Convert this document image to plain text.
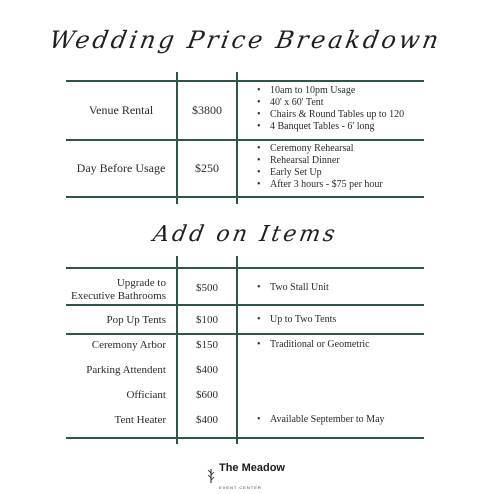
Wedding Price Breakdown
Venue Rental	$3800
• 10am to 10pm Usage
• 40' x 60' Tent
• Chairs & Round Tables up to 120
• 4 Banquet Tables - 6' long
Day Before Usage	$250
• Ceremony Rehearsal
• Rehearsal Dinner
• Early Set Up
• After 3 hours - $75 per hour
Add on Items
Upgrade to
Executive Bathrooms
$500	• Two Stall Unit
Pop Up Tents	$100	• Up to Two Tents
Ceremony Arbor	$150	• Traditional or Geometric
Parking Attendent	$400
Officiant	$600
Tent Heater	$400	• Available September to May
The Meadow
EVENT CENTER
